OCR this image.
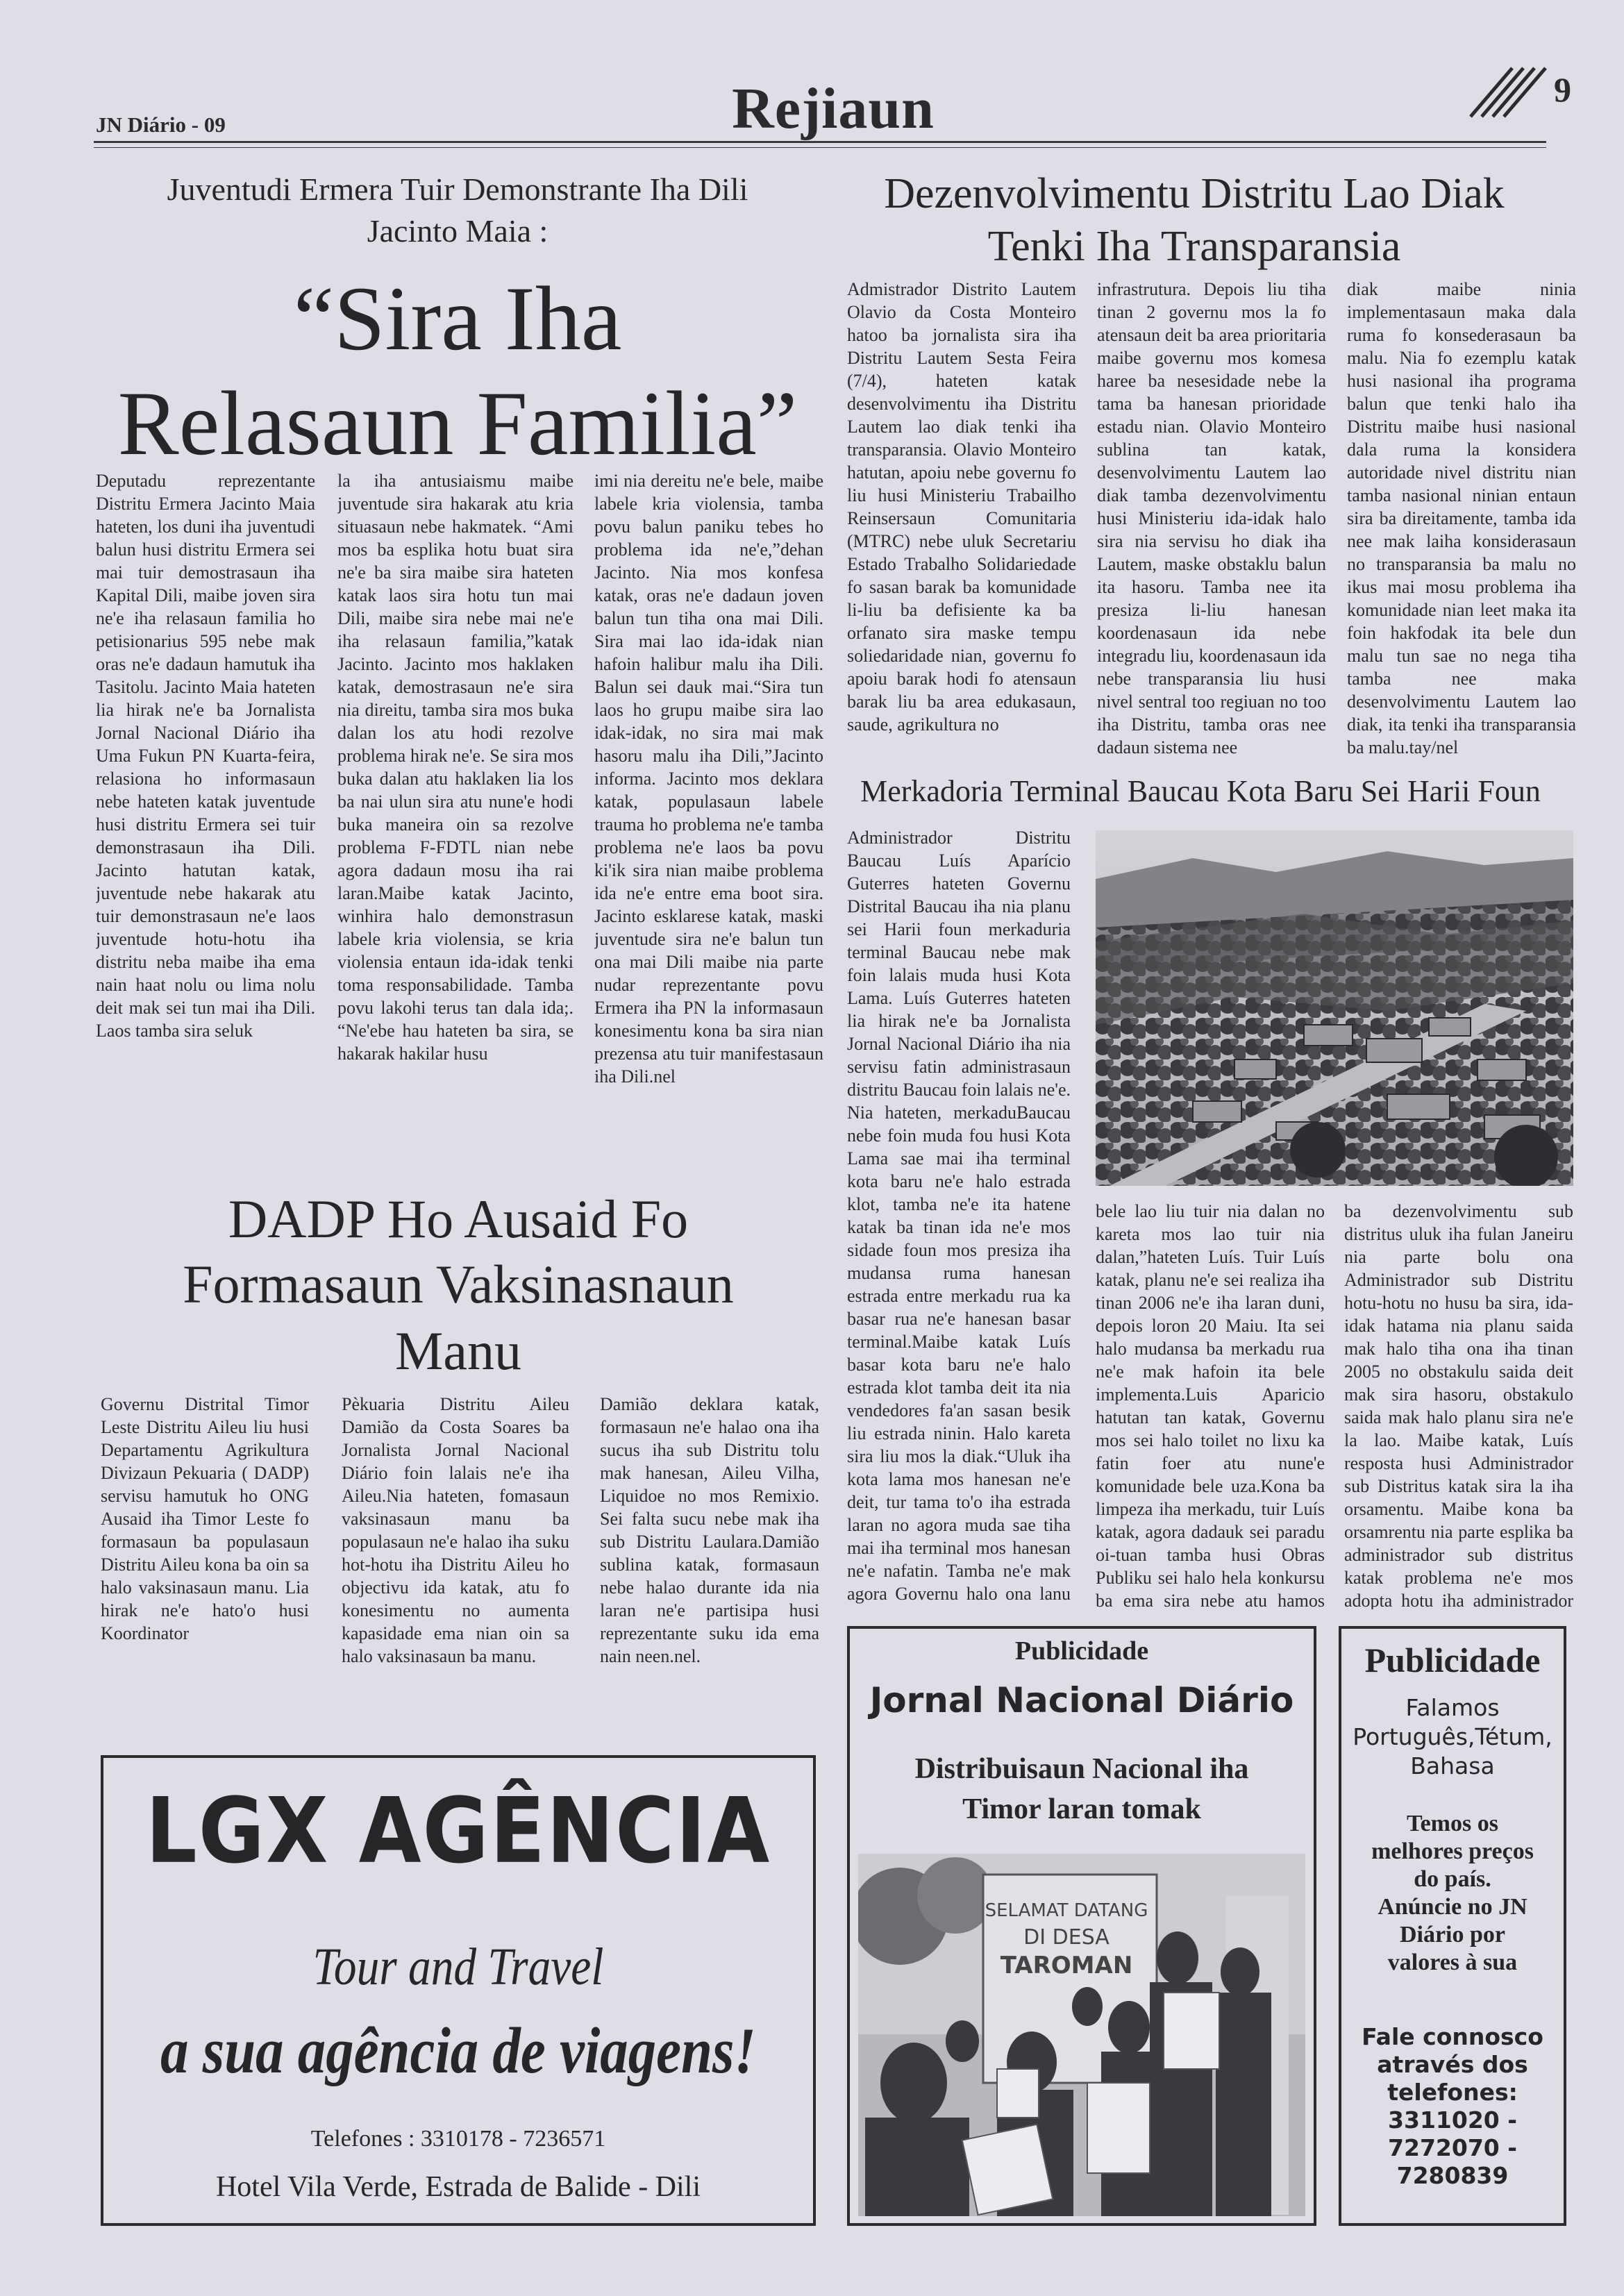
JN Diário - 09	Rejiaun	9
Juventudi Ermera Tuir Demonstrante Iha Dili
Jacinto Maia :
“Sira Iha
Relasaun Familia”
Deputadu reprezentante Distritu Ermera Jacinto Maia hateten, los duni iha juventudi balun husi distritu Ermera sei mai tuir demostrasaun iha Kapital Dili, maibe joven sira ne'e iha relasaun familia ho petisionarius 595 nebe mak oras ne'e dadaun hamutuk iha Tasitolu. Jacinto Maia hateten lia hirak ne'e ba Jornalista Jornal Nacional Diário iha Uma Fukun PN Kuarta-feira, relasiona ho informasaun nebe hateten katak juventude husi distritu Ermera sei tuir demonstrasaun iha Dili. Jacinto hatutan katak, juventude nebe hakarak atu tuir demonstrasaun ne'e laos juventude hotu-hotu iha distritu neba maibe iha ema nain haat nolu ou lima nolu deit mak sei tun mai iha Dili. Laos tamba sira seluk
la iha antusiaismu maibe juventude sira hakarak atu kria situasaun nebe hakmatek. “Ami mos ba esplika hotu buat sira ne'e ba sira maibe sira hateten katak laos sira hotu tun mai Dili, maibe sira nebe mai ne'e iha relasaun familia,”katak Jacinto. Jacinto mos haklaken katak, demostrasaun ne'e sira nia direitu, tamba sira mos buka dalan los atu hodi rezolve problema hirak ne'e. Se sira mos buka dalan atu haklaken lia los ba nai ulun sira atu nune'e hodi buka maneira oin sa rezolve problema F-FDTL nian nebe agora dadaun mosu iha rai laran.Maibe katak Jacinto, winhira halo demonstrasun labele kria violensia, se kria violensia entaun ida-idak tenki toma responsabilidade. Tamba povu lakohi terus tan dala ida;. “Ne'ebe hau hateten ba sira, se hakarak hakilar husu
imi nia dereitu ne'e bele, maibe labele kria violensia, tamba povu balun paniku tebes ho problema ida ne'e,”dehan Jacinto. Nia mos konfesa katak, oras ne'e dadaun joven balun tun tiha ona mai Dili. Sira mai lao ida-idak nian hafoin halibur malu iha Dili. Balun sei dauk mai.“Sira tun laos ho grupu maibe sira lao idak-idak, no sira mai mak hasoru malu iha Dili,”Jacinto informa. Jacinto mos deklara katak, populasaun labele trauma ho problema ne'e tamba problema ne'e laos ba povu ki'ik sira nian maibe problema ida ne'e entre ema boot sira. Jacinto esklarese katak, maski juventude sira ne'e balun tun ona mai Dili maibe nia parte nudar reprezentante povu Ermera iha PN la informasaun konesimentu kona ba sira nian prezensa atu tuir manifestasaun iha Dili.nel
Dezenvolvimentu Distritu Lao Diak
Tenki Iha Transparansia
Admistrador Distrito Lautem Olavio da Costa Monteiro hatoo ba jornalista sira iha Distritu Lautem Sesta Feira (7/4), hateten katak desenvolvimentu iha Distritu Lautem lao diak tenki iha transparansia. Olavio Monteiro hatutan, apoiu nebe governu fo liu husi Ministeriu Trabailho Reinsersaun Comunitaria (MTRC) nebe uluk Secretariu Estado Trabalho Solidariedade fo sasan barak ba komunidade li-liu ba defisiente ka ba orfanato sira maske tempu soliedaridade nian, governu fo apoiu barak hodi fo atensaun barak liu ba area edukasaun, saude, agrikultura no
infrastrutura. Depois liu tiha tinan 2 governu mos la fo atensaun deit ba area prioritaria maibe governu mos komesa haree ba nesesidade nebe la tama ba hanesan prioridade estadu nian. Olavio Monteiro sublina tan katak, desenvolvimentu Lautem lao diak tamba dezenvolvimentu husi Ministeriu ida-idak halo sira nia servisu ho diak iha Lautem, maske obstaklu balun ita hasoru. Tamba nee ita presiza li-liu hanesan koordenasaun ida nebe integradu liu, koordenasaun ida nebe transparansia liu husi nivel sentral too regiuan no too iha Distritu, tamba oras nee dadaun sistema nee
diak maibe ninia implementasaun maka dala ruma fo konsederasaun ba malu. Nia fo ezemplu katak husi nasional iha programa balun que tenki halo iha Distritu maibe husi nasional dala ruma la konsidera autoridade nivel distritu nian tamba nasional ninian entaun sira ba direitamente, tamba ida nee mak laiha konsiderasaun no transparansia ba malu no ikus mai mosu problema iha komunidade nian leet maka ita foin hakfodak ita bele dun malu tun sae no nega tiha tamba nee maka desenvolvimentu Lautem lao diak, ita tenki iha transparansia ba malu.tay/nel
Merkadoria Terminal Baucau Kota Baru Sei Harii Foun
Administrador Distritu Baucau Luís Aparício Guterres hateten Governu Distrital Baucau iha nia planu sei Harii foun merkaduria terminal Baucau nebe mak foin lalais muda husi Kota Lama. Luís Guterres hateten lia hirak ne'e ba Jornalista Jornal Nacional Diário iha nia servisu fatin administrasaun distritu Baucau foin lalais ne'e. Nia hateten, merkaduBaucau nebe foin muda fou husi Kota Lama sae mai iha terminal kota baru ne'e halo estrada klot, tamba ne'e ita hatene katak ba tinan ida ne'e mos sidade foun mos presiza iha mudansa ruma hanesan estrada entre merkadu rua ka basar rua ne'e hanesan basar terminal.Maibe katak Luís basar kota baru ne'e halo estrada klot tamba deit ita nia vendedores fa'an sasan besik liu estrada ninin. Halo kareta sira liu mos la diak.“Uluk iha kota lama mos hanesan ne'e deit, tur tama to'o iha estrada laran no agora muda sae tiha mai iha terminal mos hanesan ne'e nafatin. Tamba ne'e mak agora Governu halo ona lanu
bele lao liu tuir nia dalan no kareta mos lao tuir nia dalan,”hateten Luís. Tuir Luís katak, planu ne'e sei realiza iha tinan 2006 ne'e iha laran duni, depois loron 20 Maiu. Ita sei halo mudansa ba merkadu rua ne'e mak hafoin ita bele implementa.Luis Aparicio hatutan tan katak, Governu mos sei halo toilet no lixu ka fatin foer atu nune'e komunidade bele uza.Kona ba limpeza iha merkadu, tuir Luís katak, agora dadauk sei paradu oi-tuan tamba husi Obras Publiku sei halo hela konkursu ba ema sira nebe atu hamos
ba dezenvolvimentu sub distritus uluk iha fulan Janeiru nia parte bolu ona Administrador sub Distritu hotu-hotu no husu ba sira, ida-idak hatama nia planu saida mak halo tiha ona iha tinan 2005 no obstakulu saida deit mak sira hasoru, obstakulo saida mak halo planu sira ne'e la lao. Maibe katak, Luís resposta husi Administrador sub Distritus katak sira la iha orsamentu. Maibe kona ba orsamrentu nia parte esplika ba administrador sub distritus katak problema ne'e mos adopta hotu iha administrador
DADP Ho Ausaid Fo
Formasaun Vaksinasnaun
Manu
Governu Distrital Timor Leste Distritu Aileu liu husi Departamentu Agrikultura Divizaun Pekuaria ( DADP) servisu hamutuk ho ONG Ausaid iha Timor Leste fo formasaun ba populasaun Distritu Aileu kona ba oin sa halo vaksinasaun manu. Lia hirak ne'e hato'o husi Koordinator
Pèkuaria Distritu Aileu Damião da Costa Soares ba Jornalista Jornal Nacional Diário foin lalais ne'e iha Aileu.Nia hateten, fomasaun vaksinasaun manu ba populasaun ne'e halao iha suku hot-hotu iha Distritu Aileu ho objectivu ida katak, atu fo konesimentu no aumenta kapasidade ema nian oin sa halo vaksinasaun ba manu.
Damião deklara katak, formasaun ne'e halao ona iha sucus iha sub Distritu tolu mak hanesan, Aileu Vilha, Liquidoe no mos Remixio. Sei falta sucu nebe mak iha sub Distritu Laulara.Damião sublina katak, formasaun nebe halao durante ida nia laran ne'e partisipa husi reprezentante suku ida ema nain neen.nel.
LGX AGÊNCIA
Tour and Travel
a sua agência de viagens!
Telefones : 3310178 - 7236571
Hotel Vila Verde, Estrada de Balide - Dili
Publicidade
Jornal Nacional Diário
Distribuisaun Nacional iha
Timor laran tomak
SELAMAT DATANG
DI DESA
TAROMAN
Publicidade
Falamos
Português,Tétum,
Bahasa
Temos os
melhores preços
do país.
Anúncie no JN
Diário por
valores à sua
Fale connosco
através dos
telefones:
3311020 -
7272070 -
7280839
